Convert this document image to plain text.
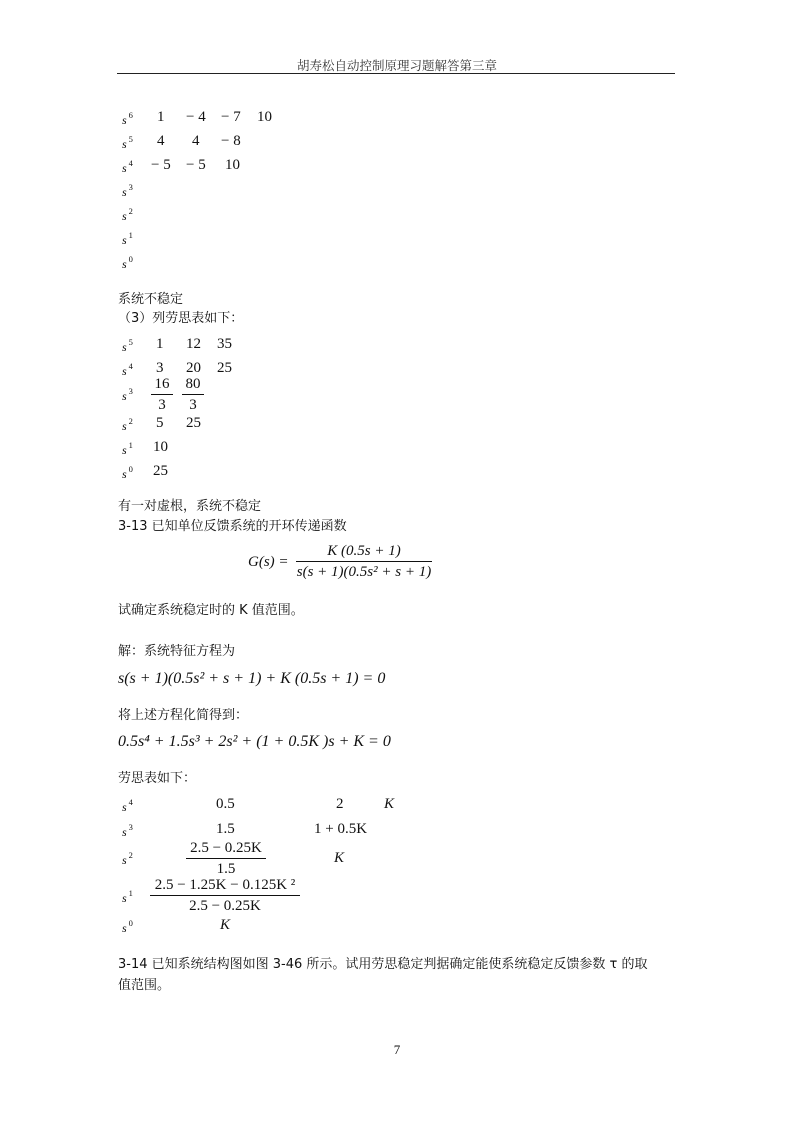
胡寿松自动控制原理习题解答第三章
s $^6$ 1 − 4 − 7 10
s $^5$ 4 4 − 8
s $^4$ − 5 − 5 10
s $^3$
s $^2$
s $^1$
s $^0$
系统不稳定
（3）列劳思表如下：
s $^5$ 1 12 35
s $^4$ 3 20 25
s $^3 \frac{16}{3} \frac{80}{3}$
s $^2$ 5 25
s $^1$ 10
s $^0$ 25
有一对虚根，系统不稳定
3-13 已知单位反馈系统的开环传递函数
$G(s) = \frac{K (0.5s + 1)}{\text{s(s + 1)(0.5s² + s + 1)}}$
试确定系统稳定时的 K 值范围。
解：系统特征方程为
s(s + 1)(0.5s² + s + 1) + K (0.5s + 1) = 0
将上述方程化简得到：
0.5s⁴ + 1.5s³ + 2s² + (1 + 0.5K )s + K = 0
劳思表如下：
s $^4$	0.5	2	K
s $^3$	1.5	1 + 0.5K
s $^2$	$\frac{2.5 - 0.25K}{1.5}$	K
s $^1 \frac{\text{2.5 − 1.25K − 0.125K ²}}{2.5 - 0.25K}$
s $^0$	K
3-14 已知系统结构图如图 3-46 所示。试用劳思稳定判据确定能使系统稳定反馈参数 τ 的取
值范围。
7
